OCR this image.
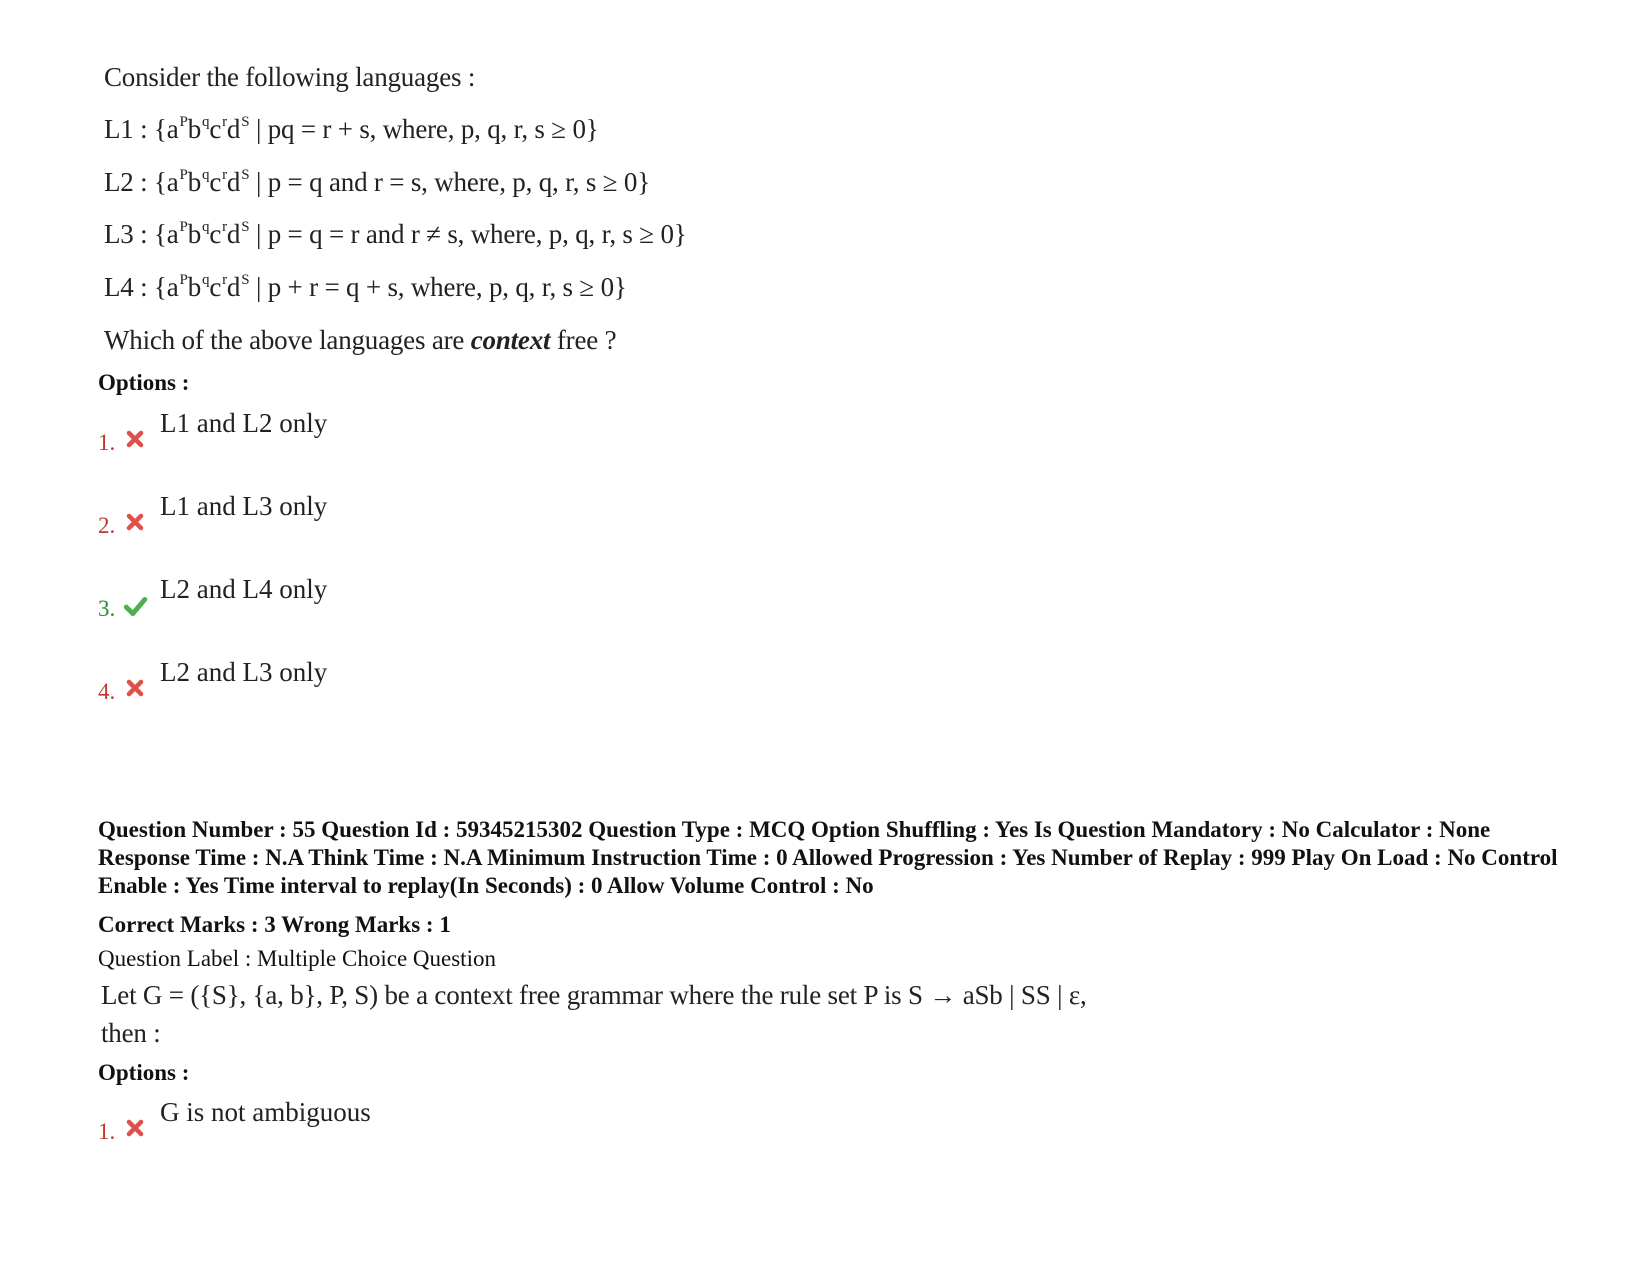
Consider the following languages :
L1 : {$a^Pb^qc^rd^S$ | pq = r + s, where, p, q, r, s ≥ 0}
L2 : {$a^Pb^qc^rd^S$ | p = q and r = s, where, p, q, r, s ≥ 0}
L3 : {$a^Pb^qc^rd^S$ | p = q = r and r ≠ s, where, p, q, r, s ≥ 0}
L4 : {$a^Pb^qc^rd^S$ | p + r = q + s, where, p, q, r, s ≥ 0}
Which of the above languages are context free ?
Options :
1.
L1 and L2 only
2.
L1 and L3 only
3.
L2 and L4 only
4.
L2 and L3 only
Question Number : 55 Question Id : 59345215302 Question Type : MCQ Option Shuffling : Yes Is Question Mandatory : No Calculator : None Response Time : N.A Think Time : N.A Minimum Instruction Time : 0 Allowed Progression : Yes Number of Replay : 999 Play On Load : No Control Enable : Yes Time interval to replay(In Seconds) : 0 Allow Volume Control : No
Correct Marks : 3 Wrong Marks : 1
Question Label : Multiple Choice Question
Let G = ({S}, {a, b}, P, S) be a context free grammar where the rule set P is S → aSb | SS | ε,
then :
Options :
1.
G is not ambiguous
